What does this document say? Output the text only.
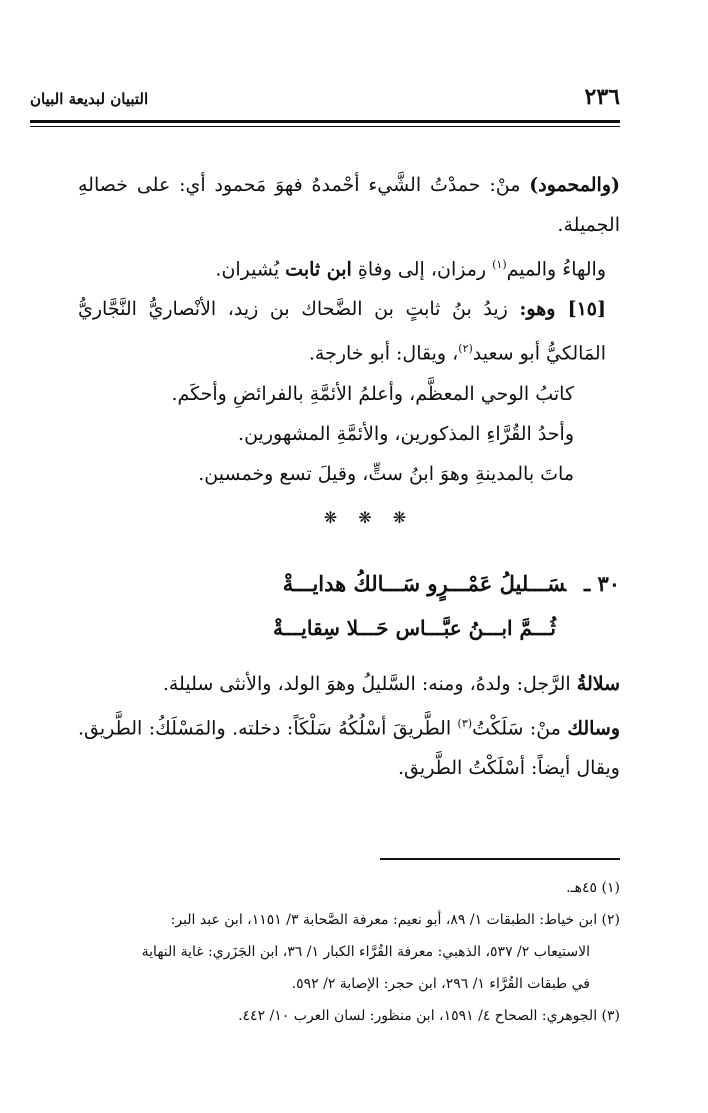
٢٣٦
التبيان لبديعة البيان

(والمحمود) منْ: حمدْتُ الشَّيء أحْمدهُ فهوَ مَحمود أي: على خصالهِ الجميلة.

والهاءُ والميم$^{(١)}$ رمزان، إلى وفاةِ ابن ثابت يُشيران.

[١٥] وهو: زيدُ بنُ ثابتٍ بن الضَّحاك بن زيد، الأنْصاريُّ النَّجَّاريُّ المَالكيُّ أبو سعيد$^{(٢)}$، ويقال: أبو خارجة.

كاتبُ الوحي المعظَّم، وأعلمُ الأئمَّةِ بالفرائضِ وأحكَم.

وأحدُ القُرَّاءِ المذكورين، والأئمَّةِ المشهورين.

ماتَ بالمدينةِ وهوَ ابنُ ستٍّ، وقيلَ تسع وخمسين.

❋ ❋ ❋

٣٠ ـسَـــليلُ عَمْـــرٍو سَـــالكُ هدايـــةْ

ثُـــمَّ ابـــنُ عبَّـــاس حَـــلا سِقايـــةْ

سلالةُ الرَّجل: ولدهُ، ومنه: السَّليلُ وهوَ الولد، والأنثى سليلة.

وسالك منْ: سَلَكْتُ$^{(٣)}$ الطَّريقَ أسْلُكُهُ سَلْكَاً: دخلته. والمَسْلَكُ: الطَّريق. ويقال أيضاً: أسْلَكْتُ الطَّريق.

(١) ٤٥هـ.

(٢) ابن خياط: الطبقات ١/ ٨٩، أبو نعيم: معرفة الصَّحابة ٣/ ١١٥١، ابن عبد البر:

الاستيعاب ٢/ ٥٣٧، الذهبي: معرفة القُرَّاء الكبار ١/ ٣٦، ابن الجَزَري: غاية النهاية

في طبقات القُرَّاء ١/ ٢٩٦، ابن حجر: الإصابة ٢/ ٥٩٢.

(٣) الجوهري: الصحاح ٤/ ١٥٩١، ابن منظور: لسان العرب ١٠/ ٤٤٢.
